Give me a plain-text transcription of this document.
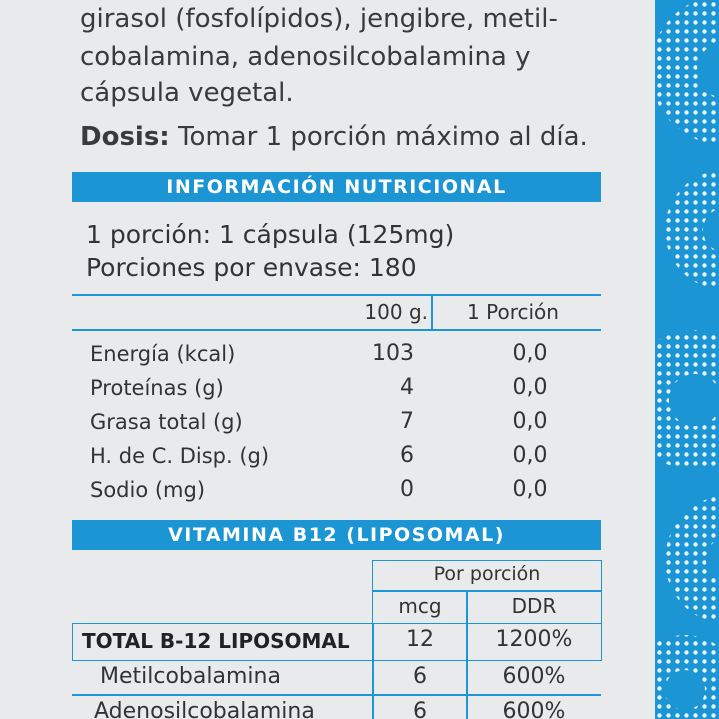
girasol (fosfolípidos), jengibre, metil-
cobalamina, adenosilcobalamina y
cápsula vegetal.
Dosis: Tomar 1 porción máximo al día.
INFORMACIÓN NUTRICIONAL
1 porción: 1 cápsula (125mg)
Porciones por envase: 180
100 g.	1 Porción
Energía (kcal)	103	0,0
Proteínas (g)	4	0,0
Grasa total (g)	7	0,0
H. de C. Disp. (g)	6	0,0
Sodio (mg)	0	0,0
VITAMINA B12 (LIPOSOMAL)
Por porción
mcg	DDR
TOTAL B-12 LIPOSOMAL	12	1200%
Metilcobalamina	6	600%
Adenosilcobalamina	6	600%
